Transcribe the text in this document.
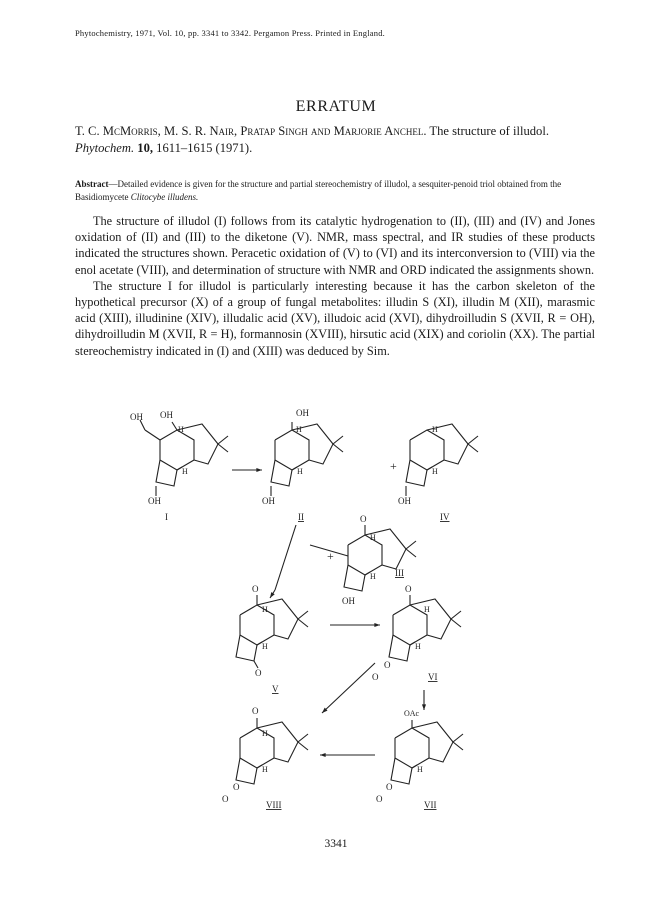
Phytochemistry, 1971, Vol. 10, pp. 3341 to 3342. Pergamon Press. Printed in England.
ERRATUM
T. C. McMorris, M. S. R. Nair, Pratap Singh and Marjorie Anchel. The structure of illudol. Phytochem. 10, 1611–1615 (1971).
Abstract—Detailed evidence is given for the structure and partial stereochemistry of illudol, a sesquiter-penoid triol obtained from the Basidiomycete Clitocybe illudens.

The structure of illudol (I) follows from its catalytic hydrogenation to (II), (III) and (IV) and Jones oxidation of (II) and (III) to the diketone (V). NMR, mass spectral, and IR studies of these products indicated the structures shown. Peracetic oxidation of (V) to (VI) and its interconversion to (VIII) via the enol acetate (VIII), and determination of structure with NMR and ORD indicated the assignments shown.

The structure I for illudol is particularly interesting because it has the carbon skeleton of the hypothetical precursor (X) of a group of fungal metabolites: illudin S (XI), illudin M (XII), marasmic acid (XIII), illudinine (XIV), illudalic acid (XV), illudoic acid (XVI), dihydroilludin S (XVII, R = OH), dihydroilludin M (XVII, R = H), formannosin (XVIII), hirsutic acid (XIX) and coriolin (XX). The partial stereochemistry indicated in (I) and (XIII) was deduced by Sim.

H
OH OH
H
OH
I
H
OH
H
OH
II
+	H
H
OH
IV
+
H
O
H
OH
III
H
O
H
O
V
H
O
H
O
O	VI
H
OAc
O
O
VII
H
O
H
O
O
VIII
3341
